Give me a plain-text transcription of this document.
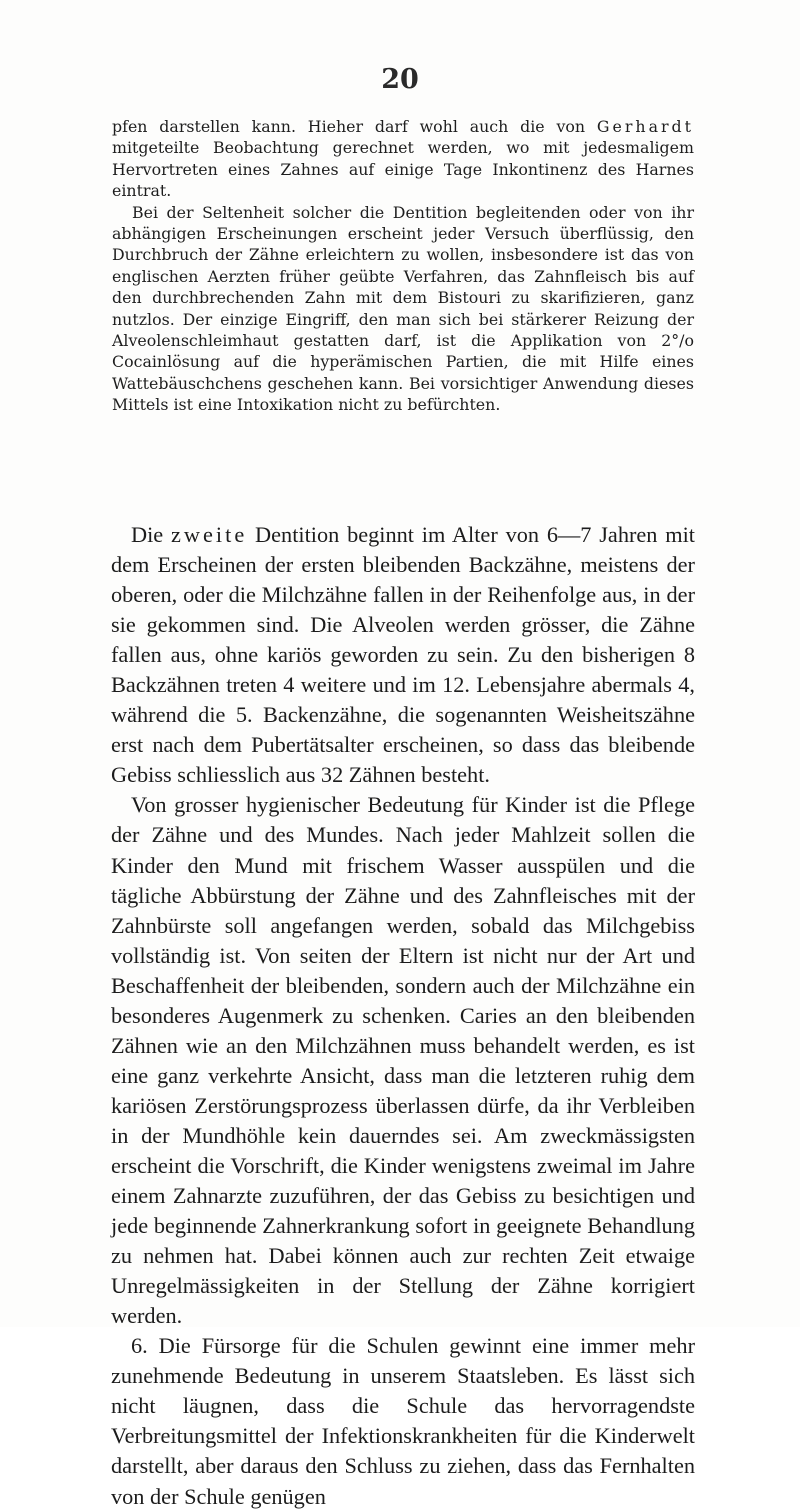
20

pfen darstellen kann. Hieher darf wohl auch die von Gerhardt mitgeteilte Beobachtung gerechnet werden, wo mit jedesmaligem Hervortreten eines Zahnes auf einige Tage Inkontinenz des Harnes eintrat.

Bei der Seltenheit solcher die Dentition begleitenden oder von ihr abhängigen Erscheinungen erscheint jeder Versuch überflüssig, den Durchbruch der Zähne erleichtern zu wollen, insbesondere ist das von englischen Aerzten früher geübte Verfahren, das Zahnfleisch bis auf den durchbrechenden Zahn mit dem Bistouri zu skarifizieren, ganz nutzlos. Der einzige Eingriff, den man sich bei stärkerer Reizung der Alveolenschleimhaut gestatten darf, ist die Applikation von 2°/o Cocainlösung auf die hyperämischen Partien, die mit Hilfe eines Wattebäuschchens geschehen kann. Bei vorsichtiger Anwendung dieses Mittels ist eine Intoxikation nicht zu befürchten.

Die zweite Dentition beginnt im Alter von 6—7 Jahren mit dem Erscheinen der ersten bleibenden Backzähne, meistens der oberen, oder die Milchzähne fallen in der Reihenfolge aus, in der sie gekommen sind. Die Alveolen werden grösser, die Zähne fallen aus, ohne kariös geworden zu sein. Zu den bisherigen 8 Backzähnen treten 4 weitere und im 12. Lebensjahre abermals 4, während die 5. Backenzähne, die sogenannten Weisheitszähne erst nach dem Pubertätsalter erscheinen, so dass das bleibende Gebiss schliesslich aus 32 Zähnen besteht.

Von grosser hygienischer Bedeutung für Kinder ist die Pflege der Zähne und des Mundes. Nach jeder Mahlzeit sollen die Kinder den Mund mit frischem Wasser ausspülen und die tägliche Abbürstung der Zähne und des Zahnfleisches mit der Zahnbürste soll angefangen werden, sobald das Milchgebiss vollständig ist. Von seiten der Eltern ist nicht nur der Art und Beschaffenheit der bleibenden, sondern auch der Milchzähne ein besonderes Augenmerk zu schenken. Caries an den bleibenden Zähnen wie an den Milchzähnen muss behandelt werden, es ist eine ganz verkehrte Ansicht, dass man die letzteren ruhig dem kariösen Zerstörungsprozess überlassen dürfe, da ihr Verbleiben in der Mundhöhle kein dauerndes sei. Am zweckmässigsten erscheint die Vorschrift, die Kinder wenigstens zweimal im Jahre einem Zahnarzte zuzuführen, der das Gebiss zu besichtigen und jede beginnende Zahnerkrankung sofort in geeignete Behandlung zu nehmen hat. Dabei können auch zur rechten Zeit etwaige Unregelmässigkeiten in der Stellung der Zähne korrigiert werden.

6. Die Fürsorge für die Schulen gewinnt eine immer mehr zunehmende Bedeutung in unserem Staatsleben. Es lässt sich nicht läugnen, dass die Schule das hervorragendste Verbreitungsmittel der Infektionskrankheiten für die Kinderwelt darstellt, aber daraus den Schluss zu ziehen, dass das Fernhalten von der Schule genügen
